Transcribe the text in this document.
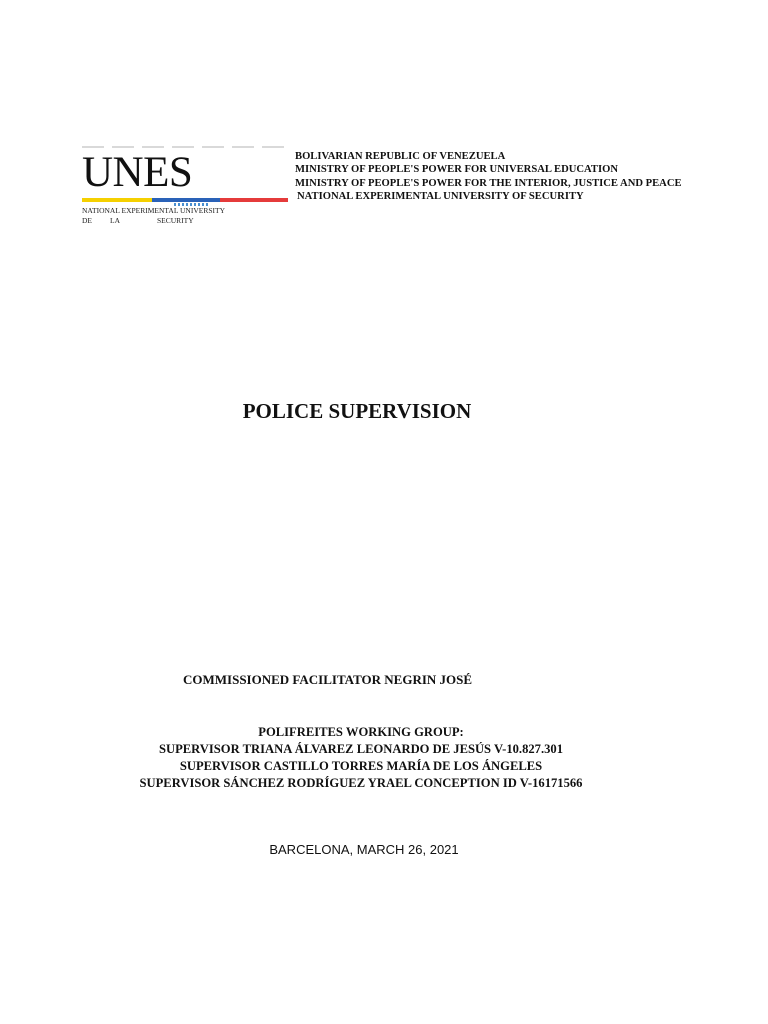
UNES
NATIONAL EXPERIMENTAL UNIVERSITY
DE LA	SECURITY
BOLIVARIAN REPUBLIC OF VENEZUELA
MINISTRY OF PEOPLE'S POWER FOR UNIVERSAL EDUCATION
MINISTRY OF PEOPLE'S POWER FOR THE INTERIOR, JUSTICE AND PEACE
NATIONAL EXPERIMENTAL UNIVERSITY OF SECURITY
POLICE SUPERVISION
COMMISSIONED FACILITATOR NEGRIN JOSÉ
POLIFREITES WORKING GROUP:
SUPERVISOR TRIANA ÁLVAREZ LEONARDO DE JESÚS V-10.827.301
SUPERVISOR CASTILLO TORRES MARÍA DE LOS ÁNGELES
SUPERVISOR SÁNCHEZ RODRÍGUEZ YRAEL CONCEPTION ID V-16171566
BARCELONA, MARCH 26, 2021
